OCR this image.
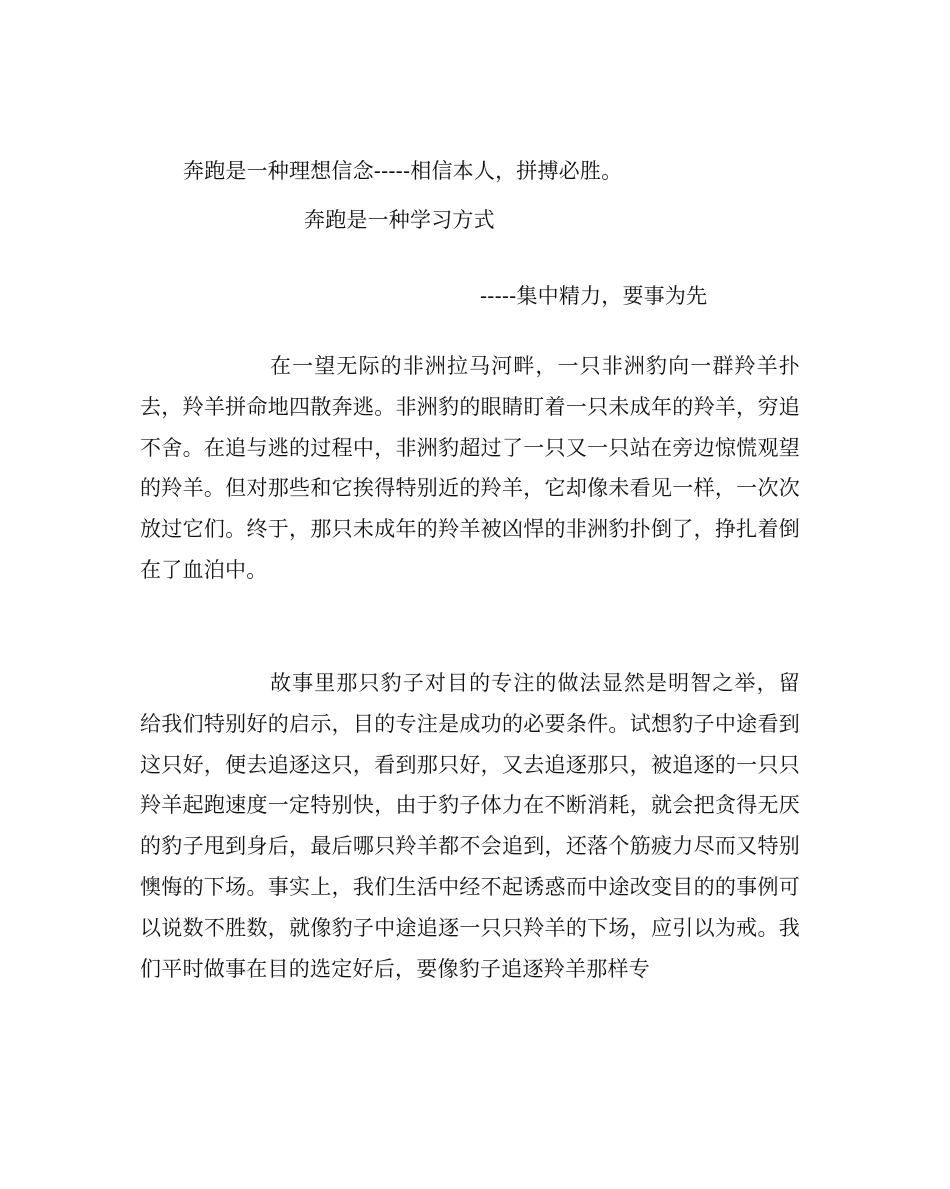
奔跑是一种理想信念-----相信本人，拼搏必胜。

奔跑是一种学习方式

-----集中精力，要事为先

在一望无际的非洲拉马河畔，一只非洲豹向一群羚羊扑去，羚羊拼命地四散奔逃。非洲豹的眼睛盯着一只未成年的羚羊，穷追不舍。在追与逃的过程中，非洲豹超过了一只又一只站在旁边惊慌观望的羚羊。但对那些和它挨得特别近的羚羊，它却像未看见一样，一次次放过它们。终于，那只未成年的羚羊被凶悍的非洲豹扑倒了，挣扎着倒在了血泊中。

故事里那只豹子对目的专注的做法显然是明智之举，留给我们特别好的启示，目的专注是成功的必要条件。试想豹子中途看到这只好，便去追逐这只，看到那只好，又去追逐那只，被追逐的一只只羚羊起跑速度一定特别快，由于豹子体力在不断消耗，就会把贪得无厌的豹子甩到身后，最后哪只羚羊都不会追到，还落个筋疲力尽而又特别懊悔的下场。事实上，我们生活中经不起诱惑而中途改变目的的事例可以说数不胜数，就像豹子中途追逐一只只羚羊的下场，应引以为戒。我们平时做事在目的选定好后，要像豹子追逐羚羊那样专
